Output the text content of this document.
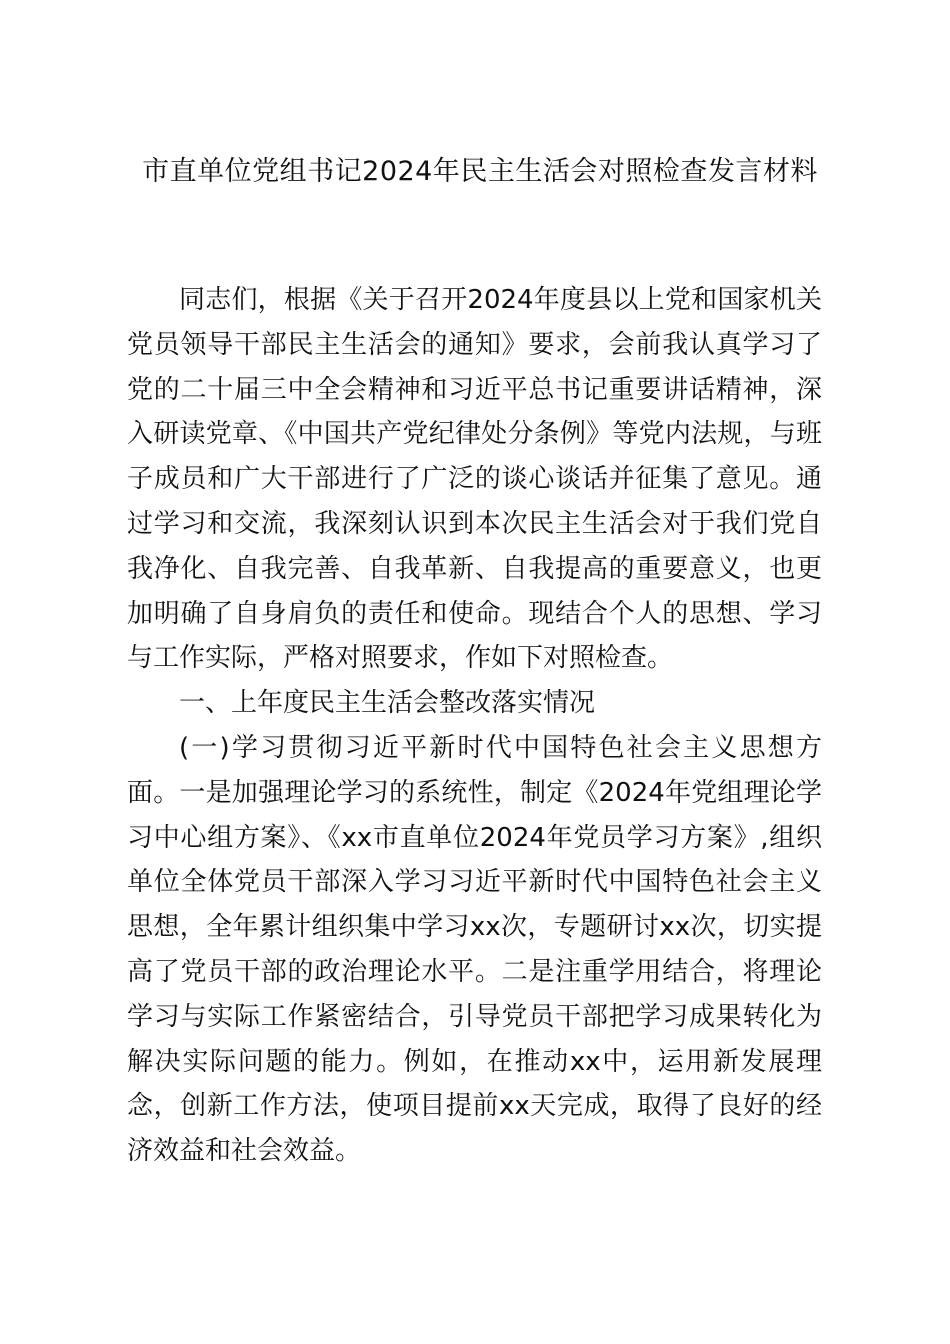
市直单位党组书记2024年民主生活会对照检查发言材料

同志们，根据《关于召开2024年度县以上党和国家机关党员领导干部民主生活会的通知》要求，会前我认真学习了党的二十届三中全会精神和习近平总书记重要讲话精神，深入研读党章、《中国共产党纪律处分条例》等党内法规，与班子成员和广大干部进行了广泛的谈心谈话并征集了意见。通过学习和交流，我深刻认识到本次民主生活会对于我们党自我净化、自我完善、自我革新、自我提高的重要意义，也更加明确了自身肩负的责任和使命。现结合个人的思想、学习与工作实际，严格对照要求，作如下对照检查。

一、上年度民主生活会整改落实情况

(一)学习贯彻习近平新时代中国特色社会主义思想方面。一是加强理论学习的系统性，制定《2024年党组理论学习中心组方案》、《xx市直单位2024年党员学习方案》,组织单位全体党员干部深入学习习近平新时代中国特色社会主义思想，全年累计组织集中学习xx次，专题研讨xx次，切实提高了党员干部的政治理论水平。二是注重学用结合，将理论学习与实际工作紧密结合，引导党员干部把学习成果转化为解决实际问题的能力。例如，在推动xx中，运用新发展理念，创新工作方法，使项目提前xx天完成，取得了良好的经济效益和社会效益。
